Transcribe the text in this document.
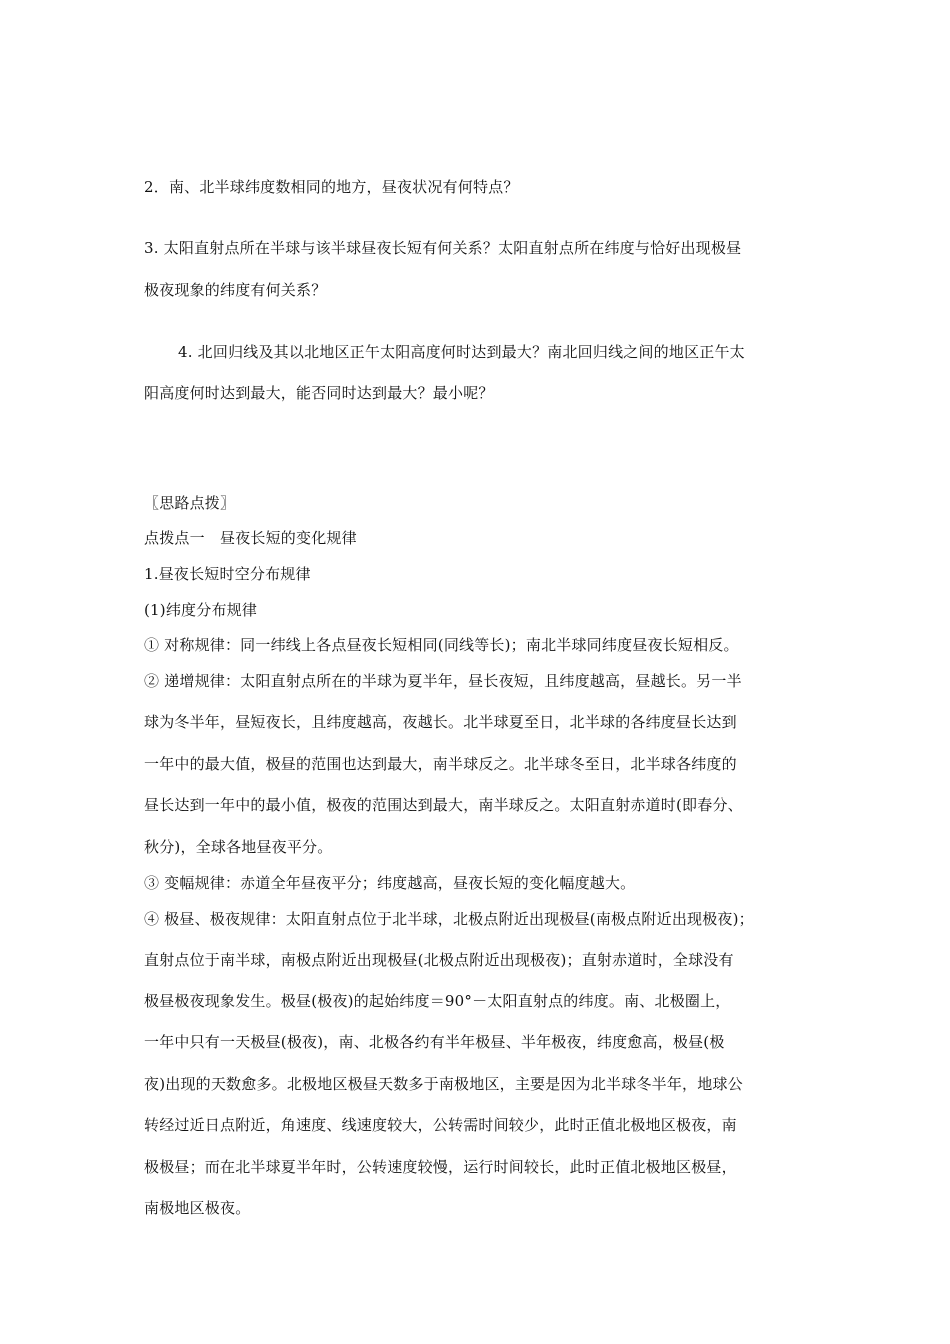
2．南、北半球纬度数相同的地方，昼夜状况有何特点？
3. 太阳直射点所在半球与该半球昼夜长短有何关系？太阳直射点所在纬度与恰好出现极昼
极夜现象的纬度有何关系？
4. 北回归线及其以北地区正午太阳高度何时达到最大？南北回归线之间的地区正午太
阳高度何时达到最大，能否同时达到最大？最小呢？
〖思路点拨〗
点拨点一　昼夜长短的变化规律
1.昼夜长短时空分布规律
(1)纬度分布规律
① 对称规律：同一纬线上各点昼夜长短相同(同线等长)；南北半球同纬度昼夜长短相反。
② 递增规律：太阳直射点所在的半球为夏半年，昼长夜短，且纬度越高，昼越长。另一半
球为冬半年，昼短夜长，且纬度越高，夜越长。北半球夏至日，北半球的各纬度昼长达到
一年中的最大值，极昼的范围也达到最大，南半球反之。北半球冬至日，北半球各纬度的
昼长达到一年中的最小值，极夜的范围达到最大，南半球反之。太阳直射赤道时(即春分、
秋分)，全球各地昼夜平分。
③ 变幅规律：赤道全年昼夜平分；纬度越高，昼夜长短的变化幅度越大。
④ 极昼、极夜规律：太阳直射点位于北半球，北极点附近出现极昼(南极点附近出现极夜)；
直射点位于南半球，南极点附近出现极昼(北极点附近出现极夜)；直射赤道时，全球没有
极昼极夜现象发生。极昼(极夜)的起始纬度＝90°－太阳直射点的纬度。南、北极圈上，
一年中只有一天极昼(极夜)，南、北极各约有半年极昼、半年极夜，纬度愈高，极昼(极
夜)出现的天数愈多。北极地区极昼天数多于南极地区，主要是因为北半球冬半年，地球公
转经过近日点附近，角速度、线速度较大，公转需时间较少，此时正值北极地区极夜，南
极极昼；而在北半球夏半年时，公转速度较慢，运行时间较长，此时正值北极地区极昼，
南极地区极夜。
